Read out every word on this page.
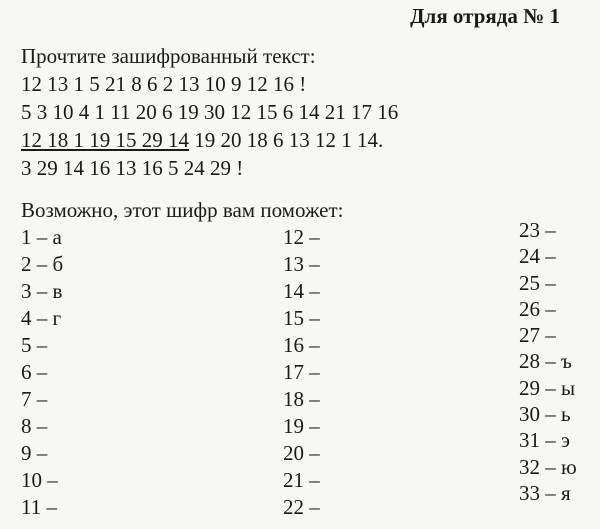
Для отряда № 1
Прочтите зашифрованный текст:
12 13 1 5 21 8 6 2 13 10 9 12 16 !
5 3 10 4 1 11 20 6 19 30 12 15 6 14 21 17 16
12 18 1 19 15 29 14 19 20 18 6 13 12 1 14.
3 29 14 16 13 16 5 24 29 !
Возможно, этот шифр вам поможет:
1 – а
2 – б
3 – в
4 – г
5 –
6 –
7 –
8 –
9 –
10 –
11 –
12 –
13 –
14 –
15 –
16 –
17 –
18 –
19 –
20 –
21 –
22 –
23 –
24 –
25 –
26 –
27 –
28 – ъ
29 – ы
30 – ь
31 – э
32 – ю
33 – я
